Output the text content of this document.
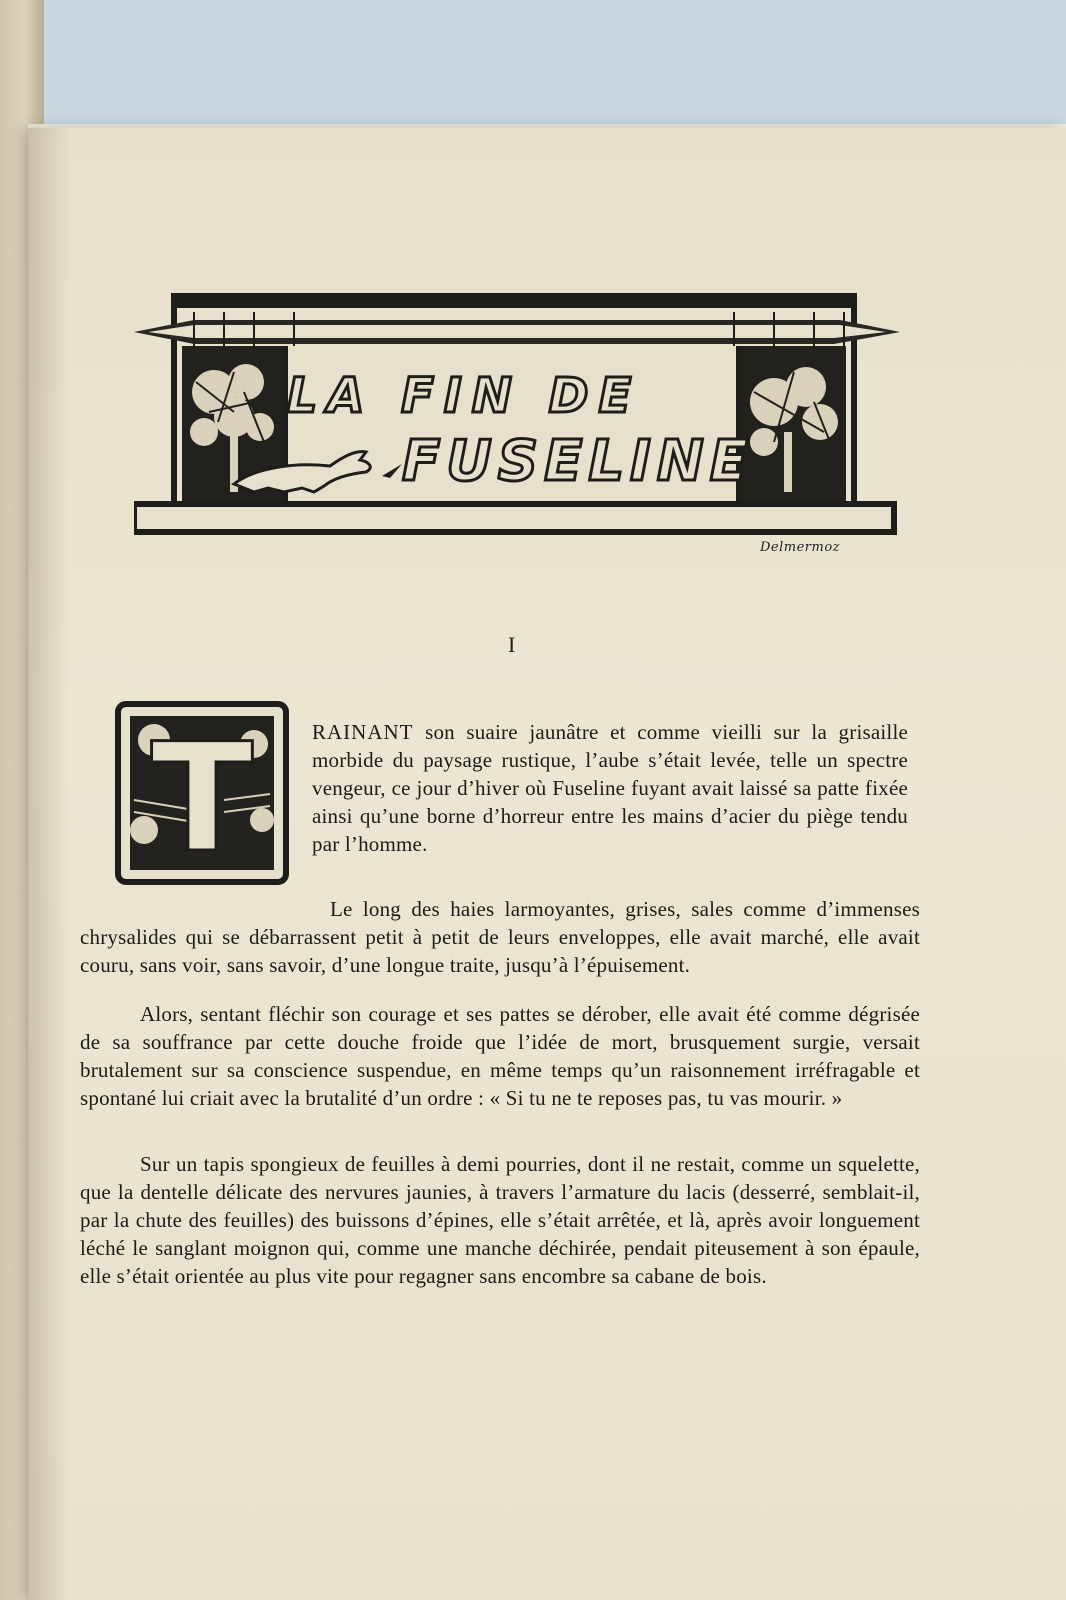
LA FIN DE
FUSELINE
Delmermoz
I
T	RAINANT son suaire jaunâtre et comme vieilli sur la grisaille morbide du paysage rustique, l’aube s’était levée, telle un spectre vengeur, ce jour d’hiver où Fuseline fuyant avait laissé sa patte fixée ainsi qu’une borne d’horreur entre les mains d’acier du piège tendu par l’homme.
Le long des haies larmoyantes, grises, sales comme d’immenses chrysalides qui se débarrassent petit à petit de leurs enveloppes, elle avait marché, elle avait couru, sans voir, sans savoir, d’une longue traite, jusqu’à l’épuisement.
Alors, sentant fléchir son courage et ses pattes se dérober, elle avait été comme dégrisée de sa souffrance par cette douche froide que l’idée de mort, brusquement surgie, versait brutalement sur sa conscience suspendue, en même temps qu’un raisonnement irréfragable et spontané lui criait avec la brutalité d’un ordre : « Si tu ne te reposes pas, tu vas mourir. »
Sur un tapis spongieux de feuilles à demi pourries, dont il ne restait, comme un squelette, que la dentelle délicate des nervures jaunies, à travers l’armature du lacis (desserré, semblait-il, par la chute des feuilles) des buissons d’épines, elle s’était arrêtée, et là, après avoir longuement léché le sanglant moignon qui, comme une manche déchirée, pendait piteusement à son épaule, elle s’était orientée au plus vite pour regagner sans encombre sa cabane de bois.
